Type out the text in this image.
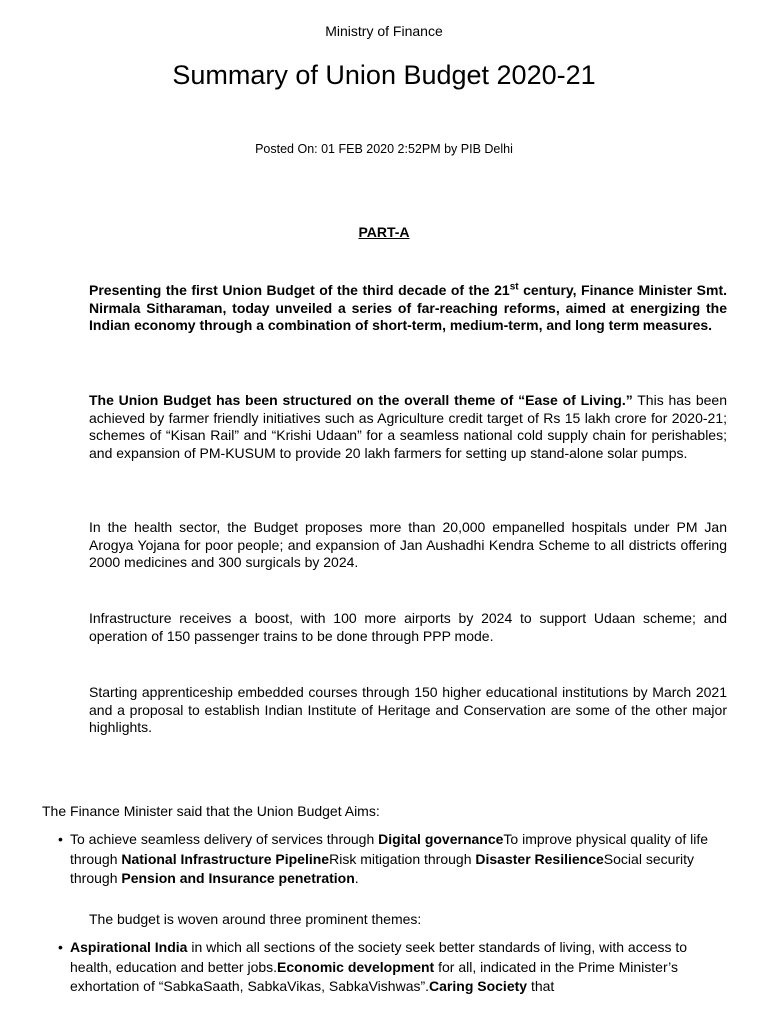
Ministry of Finance
Summary of Union Budget 2020-21
Posted On: 01 FEB 2020 2:52PM by PIB Delhi
PART-A

Presenting the first Union Budget of the third decade of the 21st century, Finance Minister Smt. Nirmala Sitharaman, today unveiled a series of far-reaching reforms, aimed at energizing the Indian economy through a combination of short-term, medium-term, and long term measures.

The Union Budget has been structured on the overall theme of “Ease of Living.” This has been achieved by farmer friendly initiatives such as Agriculture credit target of Rs 15 lakh crore for 2020-21; schemes of “Kisan Rail” and “Krishi Udaan” for a seamless national cold supply chain for perishables; and expansion of PM-KUSUM to provide 20 lakh farmers for setting up stand-alone solar pumps.

In the health sector, the Budget proposes more than 20,000 empanelled hospitals under PM Jan Arogya Yojana for poor people; and expansion of Jan Aushadhi Kendra Scheme to all districts offering 2000 medicines and 300 surgicals by 2024.

Infrastructure receives a boost, with 100 more airports by 2024 to support Udaan scheme; and operation of 150 passenger trains to be done through PPP mode.

Starting apprenticeship embedded courses through 150 higher educational institutions by March 2021 and a proposal to establish Indian Institute of Heritage and Conservation are some of the other major highlights.

The Finance Minister said that the Union Budget Aims:

• To achieve seamless delivery of services through Digital governanceTo improve physical quality of life through National Infrastructure PipelineRisk mitigation through Disaster ResilienceSocial security through Pension and Insurance penetration.

The budget is woven around three prominent themes:

• Aspirational India in which all sections of the society seek better standards of living, with access to health, education and better jobs.Economic development for all, indicated in the Prime Minister’s exhortation of “SabkaSaath, SabkaVikas, SabkaVishwas”.Caring Society that
